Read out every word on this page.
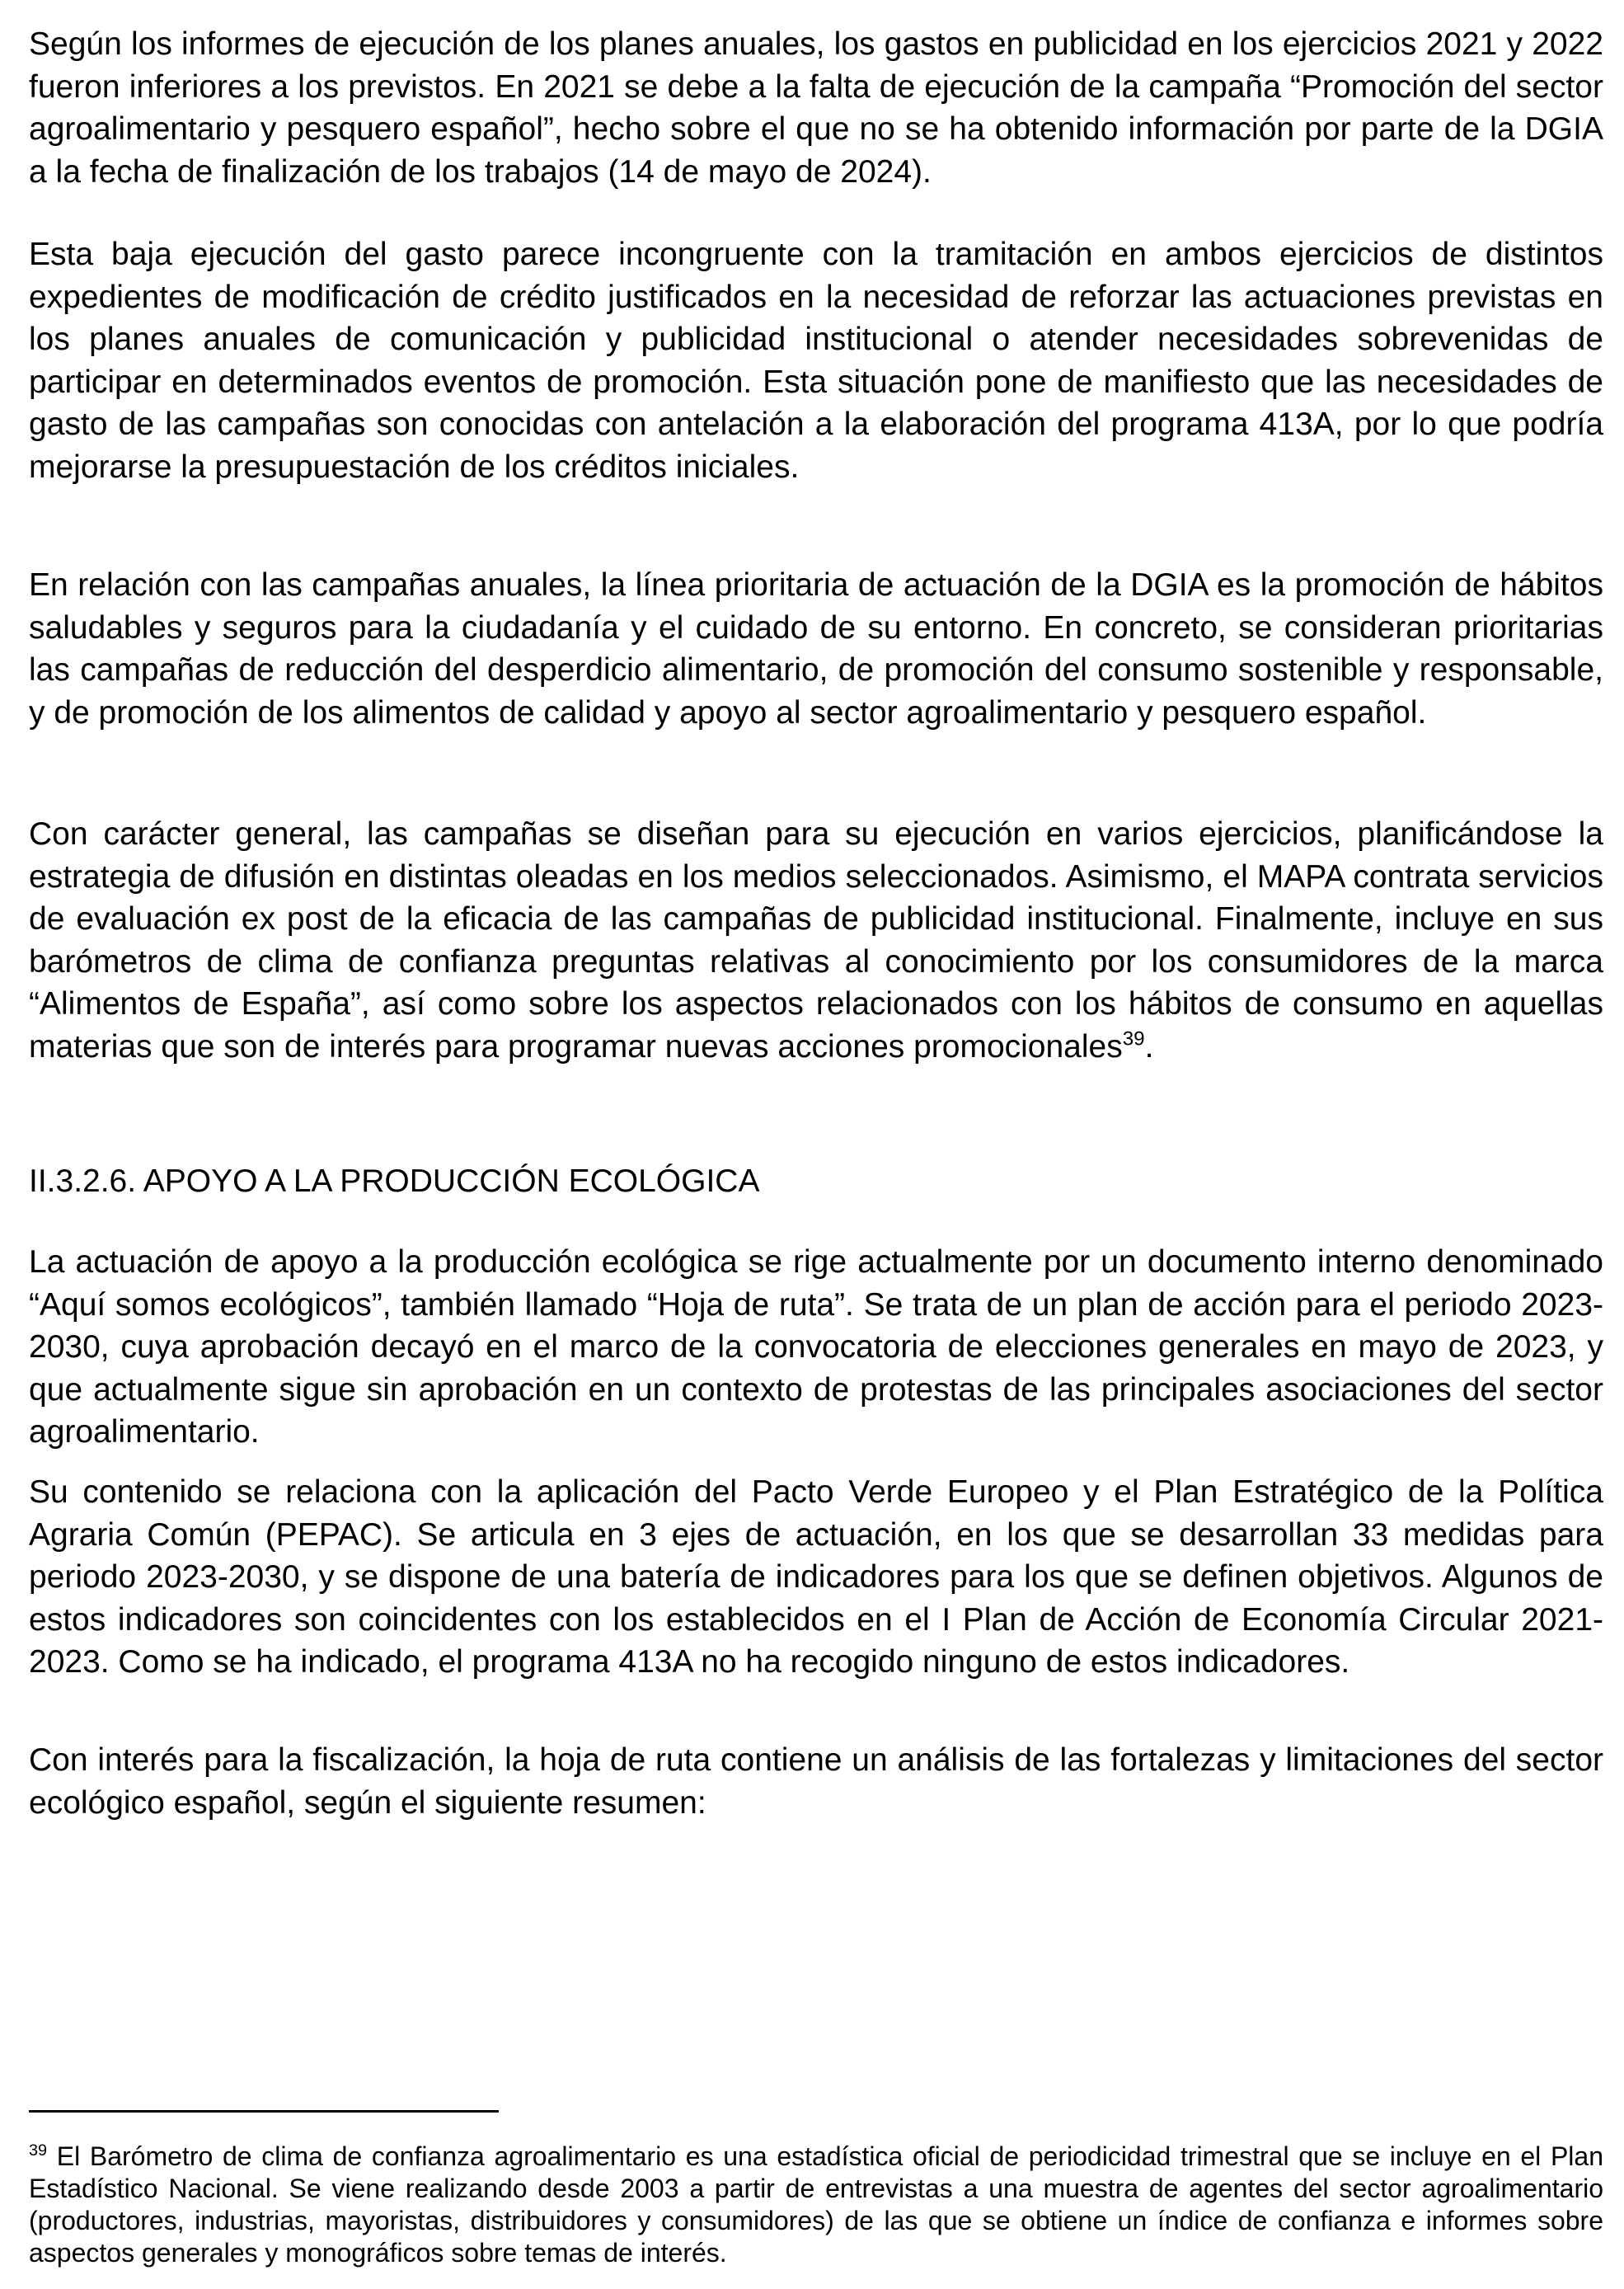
Según los informes de ejecución de los planes anuales, los gastos en publicidad en los ejercicios 2021 y 2022 fueron inferiores a los previstos. En 2021 se debe a la falta de ejecución de la campaña “Promoción del sector agroalimentario y pesquero español”, hecho sobre el que no se ha obtenido información por parte de la DGIA a la fecha de finalización de los trabajos (14 de mayo de 2024).

Esta baja ejecución del gasto parece incongruente con la tramitación en ambos ejercicios de distintos expedientes de modificación de crédito justificados en la necesidad de reforzar las actuaciones previstas en los planes anuales de comunicación y publicidad institucional o atender necesidades sobrevenidas de participar en determinados eventos de promoción. Esta situación pone de manifiesto que las necesidades de gasto de las campañas son conocidas con antelación a la elaboración del programa 413A, por lo que podría mejorarse la presupuestación de los créditos iniciales.

En relación con las campañas anuales, la línea prioritaria de actuación de la DGIA es la promoción de hábitos saludables y seguros para la ciudadanía y el cuidado de su entorno. En concreto, se consideran prioritarias las campañas de reducción del desperdicio alimentario, de promoción del consumo sostenible y responsable, y de promoción de los alimentos de calidad y apoyo al sector agroalimentario y pesquero español.

Con carácter general, las campañas se diseñan para su ejecución en varios ejercicios, planificándose la estrategia de difusión en distintas oleadas en los medios seleccionados. Asimismo, el MAPA contrata servicios de evaluación ex post de la eficacia de las campañas de publicidad institucional. Finalmente, incluye en sus barómetros de clima de confianza preguntas relativas al conocimiento por los consumidores de la marca “Alimentos de España”, así como sobre los aspectos relacionados con los hábitos de consumo en aquellas materias que son de interés para programar nuevas acciones promocionales$^{39}$.

II.3.2.6. APOYO A LA PRODUCCIÓN ECOLÓGICA

La actuación de apoyo a la producción ecológica se rige actualmente por un documento interno denominado “Aquí somos ecológicos”, también llamado “Hoja de ruta”. Se trata de un plan de acción para el periodo 2023-2030, cuya aprobación decayó en el marco de la convocatoria de elecciones generales en mayo de 2023, y que actualmente sigue sin aprobación en un contexto de protestas de las principales asociaciones del sector agroalimentario.

Su contenido se relaciona con la aplicación del Pacto Verde Europeo y el Plan Estratégico de la Política Agraria Común (PEPAC). Se articula en 3 ejes de actuación, en los que se desarrollan 33 medidas para periodo 2023-2030, y se dispone de una batería de indicadores para los que se definen objetivos. Algunos de estos indicadores son coincidentes con los establecidos en el I Plan de Acción de Economía Circular 2021-2023. Como se ha indicado, el programa 413A no ha recogido ninguno de estos indicadores.

Con interés para la fiscalización, la hoja de ruta contiene un análisis de las fortalezas y limitaciones del sector ecológico español, según el siguiente resumen:

$^{39}$ El Barómetro de clima de confianza agroalimentario es una estadística oficial de periodicidad trimestral que se incluye en el Plan Estadístico Nacional. Se viene realizando desde 2003 a partir de entrevistas a una muestra de agentes del sector agroalimentario (productores, industrias, mayoristas, distribuidores y consumidores) de las que se obtiene un índice de confianza e informes sobre aspectos generales y monográficos sobre temas de interés.
